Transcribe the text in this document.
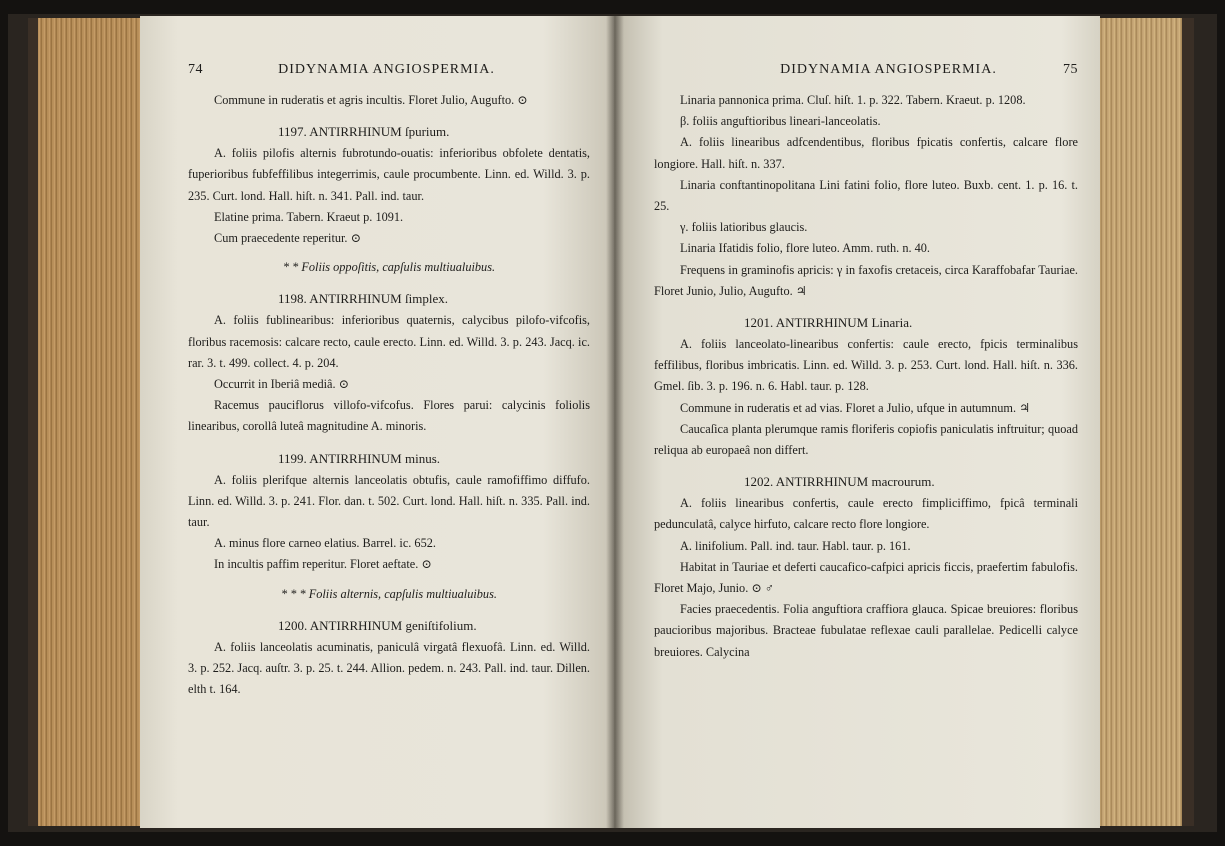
74	DIDYNAMIA ANGIOSPERMIA.

Commune in ruderatis et agris incultis. Floret Julio, Augufto. ⊙

1197. ANTIRRHINUM ſpurium.

A. foliis pilofis alternis fubrotundo-ouatis: inferioribus obfolete dentatis, fuperioribus fubfeffilibus integerrimis, caule procumbente. Linn. ed. Willd. 3. p. 235. Curt. lond. Hall. hiſt. n. 341. Pall. ind. taur.

Elatine prima. Tabern. Kraeut p. 1091.

Cum praecedente reperitur. ⊙

* * Foliis oppoſitis, capſulis multiualuibus.

1198. ANTIRRHINUM ſimplex.

A. foliis fublinearibus: inferioribus quaternis, calycibus pilofo-vifcofis, floribus racemosis: calcare recto, caule erecto. Linn. ed. Willd. 3. p. 243. Jacq. ic. rar. 3. t. 499. collect. 4. p. 204.

Occurrit in Iberiâ mediâ. ⊙

Racemus pauciflorus villofo-vifcofus. Flores parui: calycinis foliolis linearibus, corollâ luteâ magnitudine A. minoris.

1199. ANTIRRHINUM minus.

A. foliis plerifque alternis lanceolatis obtufis, caule ramofiffimo diffufo. Linn. ed. Willd. 3. p. 241. Flor. dan. t. 502. Curt. lond. Hall. hiſt. n. 335. Pall. ind. taur.

A. minus flore carneo elatius. Barrel. ic. 652.

In incultis paffim reperitur. Floret aeftate. ⊙

* * * Foliis alternis, capſulis multiualuibus.

1200. ANTIRRHINUM geniſtifolium.

A. foliis lanceolatis acuminatis, paniculâ virgatâ flexuofâ. Linn. ed. Willd. 3. p. 252. Jacq. auſtr. 3. p. 25. t. 244. Allion. pedem. n. 243. Pall. ind. taur. Dillen. elth t. 164.

DIDYNAMIA ANGIOSPERMIA.	75

Linaria pannonica prima. Cluſ. hiſt. 1. p. 322. Tabern. Kraeut. p. 1208.

β. foliis anguftioribus lineari-lanceolatis.

A. foliis linearibus adfcendentibus, floribus fpicatis confertis, calcare flore longiore. Hall. hiſt. n. 337.

Linaria conftantinopolitana Lini fatini folio, flore luteo. Buxb. cent. 1. p. 16. t. 25.

γ. foliis latioribus glaucis.

Linaria Ifatidis folio, flore luteo. Amm. ruth. n. 40.

Frequens in graminofis apricis: γ in faxofis cretaceis, circa Karaffobafar Tauriae. Floret Junio, Julio, Augufto. ♃

1201. ANTIRRHINUM Linaria.

A. foliis lanceolato-linearibus confertis: caule erecto, fpicis terminalibus feffilibus, floribus imbricatis. Linn. ed. Willd. 3. p. 253. Curt. lond. Hall. hiſt. n. 336. Gmel. ſib. 3. p. 196. n. 6. Habl. taur. p. 128.

Commune in ruderatis et ad vias. Floret a Julio, ufque in autumnum. ♃

Caucaſica planta plerumque ramis floriferis copiofis paniculatis inftruitur; quoad reliqua ab europaeâ non differt.

1202. ANTIRRHINUM macrourum.

A. foliis linearibus confertis, caule erecto fimpliciffimo, fpicâ terminali pedunculatâ, calyce hirfuto, calcare recto flore longiore.

A. linifolium. Pall. ind. taur. Habl. taur. p. 161.

Habitat in Tauriae et deferti caucafico-cafpici apricis ficcis, praefertim fabulofis. Floret Majo, Junio. ⊙ ♂

Facies praecedentis. Folia anguftiora craffiora glauca. Spicae breuiores: floribus paucioribus majoribus. Bracteae fubulatae reflexae cauli parallelae. Pedicelli calyce breuiores. Calycina
